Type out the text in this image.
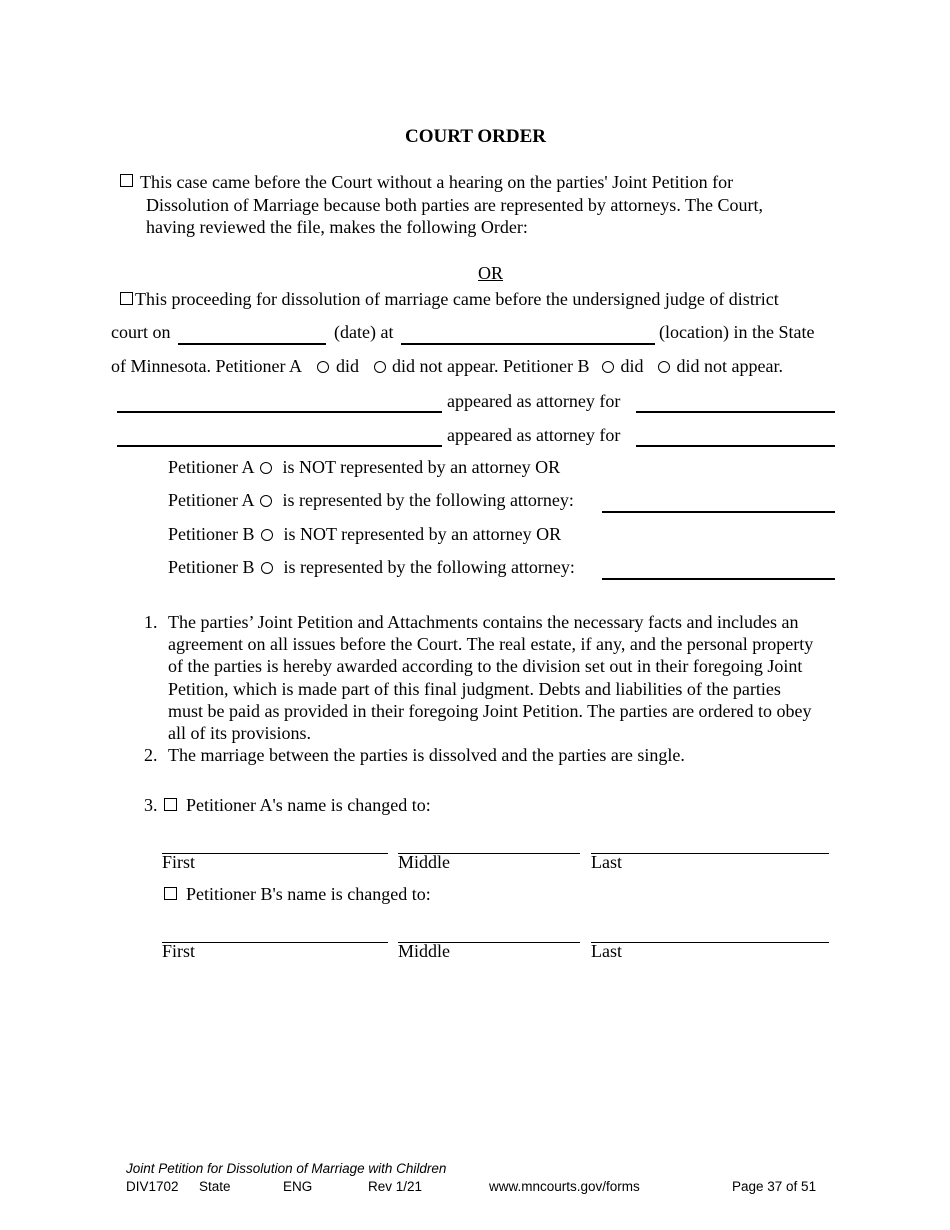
COURT ORDER
This case came before the Court without a hearing on the parties' Joint Petition for
Dissolution of Marriage because both parties are represented by attorneys. The Court,
having reviewed the file, makes the following Order:
OR
This proceeding for dissolution of marriage came before the undersigned judge of district
court on	(date) at	(location) in the State
of Minnesota. Petitioner A did did not appear. Petitioner B did did not appear.
appeared as attorney for
appeared as attorney for
Petitioner A is NOT represented by an attorney OR
Petitioner A is represented by the following attorney:
Petitioner B is NOT represented by an attorney OR
Petitioner B is represented by the following attorney:
1. The parties’ Joint Petition and Attachments contains the necessary facts and includes an
agreement on all issues before the Court. The real estate, if any, and the personal property
of the parties is hereby awarded according to the division set out in their foregoing Joint
Petition, which is made part of this final judgment. Debts and liabilities of the parties
must be paid as provided in their foregoing Joint Petition. The parties are ordered to obey
all of its provisions.
2. The marriage between the parties is dissolved and the parties are single.
3. Petitioner A's name is changed to:
First	Middle	Last
Petitioner B's name is changed to:
First	Middle	Last
Joint Petition for Dissolution of Marriage with Children
DIV1702 State	ENG	Rev 1/21	www.mncourts.gov/forms	Page 37 of 51
